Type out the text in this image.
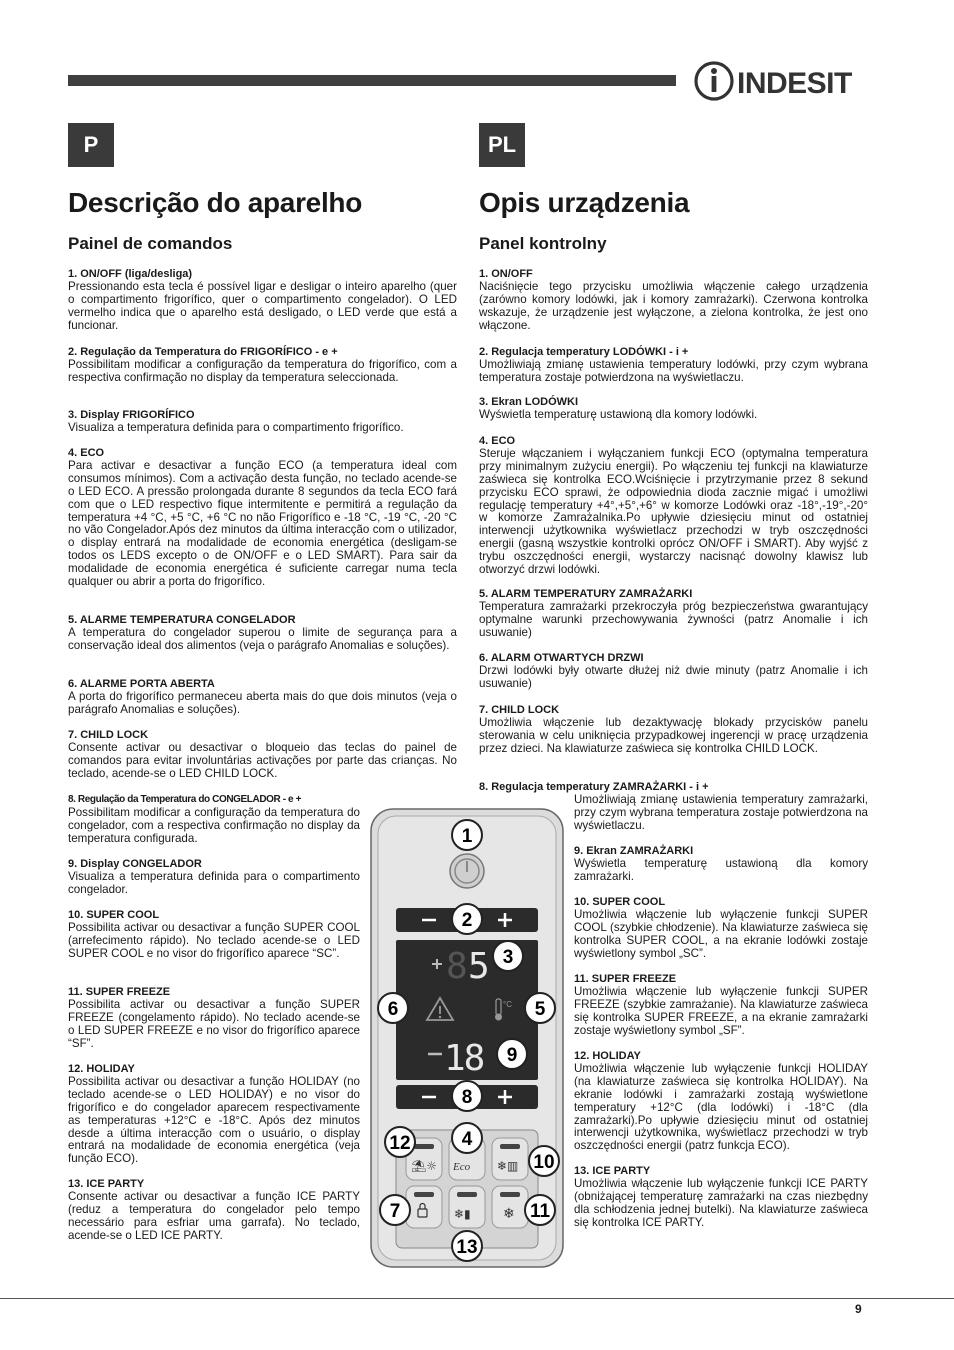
INDESIT
P	PL
Descrição do aparelho	Opis urządzenia
Painel de comandos	Panel kontrolny
1. ON/OFF (liga/desliga)
Pressionando esta tecla é possível ligar e desligar o inteiro aparelho (quer o compartimento frigorífico, quer o compartimento congelador). O LED vermelho indica que o aparelho está desligado, o LED verde que está a funcionar.
2. Regulação da Temperatura do FRIGORÍFICO - e +
Possibilitam modificar a configuração da temperatura do frigorífico, com a respectiva confirmação no display da temperatura seleccionada.
3. Display FRIGORÍFICO
Visualiza a temperatura definida para o compartimento frigorífico.
4. ECO
Para activar e desactivar a função ECO (a temperatura ideal com consumos mínimos). Com a activação desta função, no teclado acende-se o LED ECO. A pressão prolongada durante 8 segundos da tecla ECO fará com que o LED respectivo fique intermitente e permitirá a regulação da temperatura +4 °C, +5 °C, +6 °C no não Frigorífico e -18 °C, -19 °C, -20 °C no vão Congelador.Após dez minutos da última interacção com o utilizador, o display entrará na modalidade de economia energética (desligam-se todos os LEDS excepto o de ON/OFF e o LED SMART). Para sair da modalidade de economia energética é suficiente carregar numa tecla qualquer ou abrir a porta do frigorífico.
5. ALARME TEMPERATURA CONGELADOR
A temperatura do congelador superou o limite de segurança para a conservação ideal dos alimentos (veja o parágrafo Anomalias e soluções).
6. ALARME PORTA ABERTA
A porta do frigorífico permaneceu aberta mais do que dois minutos (veja o parágrafo Anomalias e soluções).
7. CHILD LOCK
Consente activar ou desactivar o bloqueio das teclas do painel de comandos para evitar involuntárias activações por parte das crianças. No teclado, acende-se o LED CHILD LOCK.
8. Regulação da Temperatura do CONGELADOR - e +
Possibilitam modificar a configuração da temperatura do congelador, com a respectiva confirmação no display da temperatura configurada.
9. Display CONGELADOR
Visualiza a temperatura definida para o compartimento congelador.
10. SUPER COOL
Possibilita activar ou desactivar a função SUPER COOL (arrefecimento rápido). No teclado acende-se o LED SUPER COOL e no visor do frigorífico aparece “SC”.
11. SUPER FREEZE
Possibilita activar ou desactivar a função SUPER FREEZE (congelamento rápido). No teclado acende-se o LED SUPER FREEZE e no visor do frigorífico aparece “SF”.
12. HOLIDAY
Possibilita activar ou desactivar a função HOLIDAY (no teclado acende-se o LED HOLIDAY) e no visor do frigorífico e do congelador aparecem respectivamente as temperaturas +12°C e -18°C. Após dez minutos desde a última interacção com o usuário, o display entrará na modalidade de economia energética (veja função ECO).
13. ICE PARTY
Consente activar ou desactivar a função ICE PARTY (reduz a temperatura do congelador pelo tempo necessário para esfriar uma garrafa). No teclado, acende-se o LED ICE PARTY.
1. ON/OFF
Naciśnięcie tego przycisku umożliwia włączenie całego urządzenia (zarówno komory lodówki, jak i komory zamrażarki). Czerwona kontrolka wskazuje, że urządzenie jest wyłączone, a zielona kontrolka, że jest ono włączone.
2. Regulacja temperatury LODÓWKI - i +
Umożliwiają zmianę ustawienia temperatury lodówki, przy czym wybrana temperatura zostaje potwierdzona na wyświetlaczu.
3. Ekran LODÓWKI
Wyświetla temperaturę ustawioną dla komory lodówki.
4. ECO
Steruje włączaniem i wyłączaniem funkcji ECO (optymalna temperatura przy minimalnym zużyciu energii). Po włączeniu tej funkcji na klawiaturze zaświeca się kontrolka ECO.Wciśnięcie i przytrzymanie przez 8 sekund przycisku ECO sprawi, że odpowiednia dioda zacznie migać i umożliwi regulację temperatury +4°,+5°,+6° w komorze Lodówki oraz -18°,-19°,-20° w komorze Zamrażalnika.Po upływie dziesięciu minut od ostatniej interwencji użytkownika wyświetlacz przechodzi w tryb oszczędności energii (gasną wszystkie kontrolki oprócz ON/OFF i SMART). Aby wyjść z trybu oszczędności energii, wystarczy nacisnąć dowolny klawisz lub otworzyć drzwi lodówki.
5. ALARM TEMPERATURY ZAMRAŻARKI
Temperatura zamrażarki przekroczyła próg bezpieczeństwa gwarantujący optymalne warunki przechowywania żywności (patrz Anomalie i ich usuwanie)
6. ALARM OTWARTYCH DRZWI
Drzwi lodówki były otwarte dłużej niż dwie minuty (patrz Anomalie i ich usuwanie)
7. CHILD LOCK
Umożliwia włączenie lub dezaktywację blokady przycisków panelu sterowania w celu uniknięcia przypadkowej ingerencji w pracę urządzenia przez dzieci. Na klawiaturze zaświeca się kontrolka CHILD LOCK.
8. Regulacja temperatury ZAMRAŻARKI - i +
Umożliwiają zmianę ustawienia temperatury zamrażarki, przy czym wybrana temperatura zostaje potwierdzona na wyświetlaczu.
9. Ekran ZAMRAŻARKI
Wyświetla temperaturę ustawioną dla komory zamrażarki.
10. SUPER COOL
Umożliwia włączenie lub wyłączenie funkcji SUPER COOL (szybkie chłodzenie). Na klawiaturze zaświeca się kontrolka SUPER COOL, a na ekranie lodówki zostaje wyświetlony symbol „SC”.
11. SUPER FREEZE
Umożliwia włączenie lub wyłączenie funkcji SUPER FREEZE (szybkie zamrażanie). Na klawiaturze zaświeca się kontrolka SUPER FREEZE, a na ekranie zamrażarki zostaje wyświetlony symbol „SF”.
12. HOLIDAY
Umożliwia włączenie lub wyłączenie funkcji HOLIDAY (na klawiaturze zaświeca się kontrolka HOLIDAY). Na ekranie lodówki i zamrażarki zostają wyświetlone temperatury +12°C (dla lodówki) i -18°C (dla zamrażarki).Po upływie dziesięciu minut od ostatniej interwencji użytkownika, wyświetlacz przechodzi w tryb oszczędności energii (patrz funkcja ECO).
13. ICE PARTY
Umożliwia włączenie lub wyłączenie funkcji ICE PARTY (obniżającej temperaturę zamrażarki na czas niezbędny dla schłodzenia jednej butelki). Na klawiaturze zaświeca się kontrolka ICE PARTY.
8 5
°C
18
⛱☼ Eco ❄▥
❄▮ ❄
1
2
3
4
5
6
7
8
9
10
11
12
13
9
